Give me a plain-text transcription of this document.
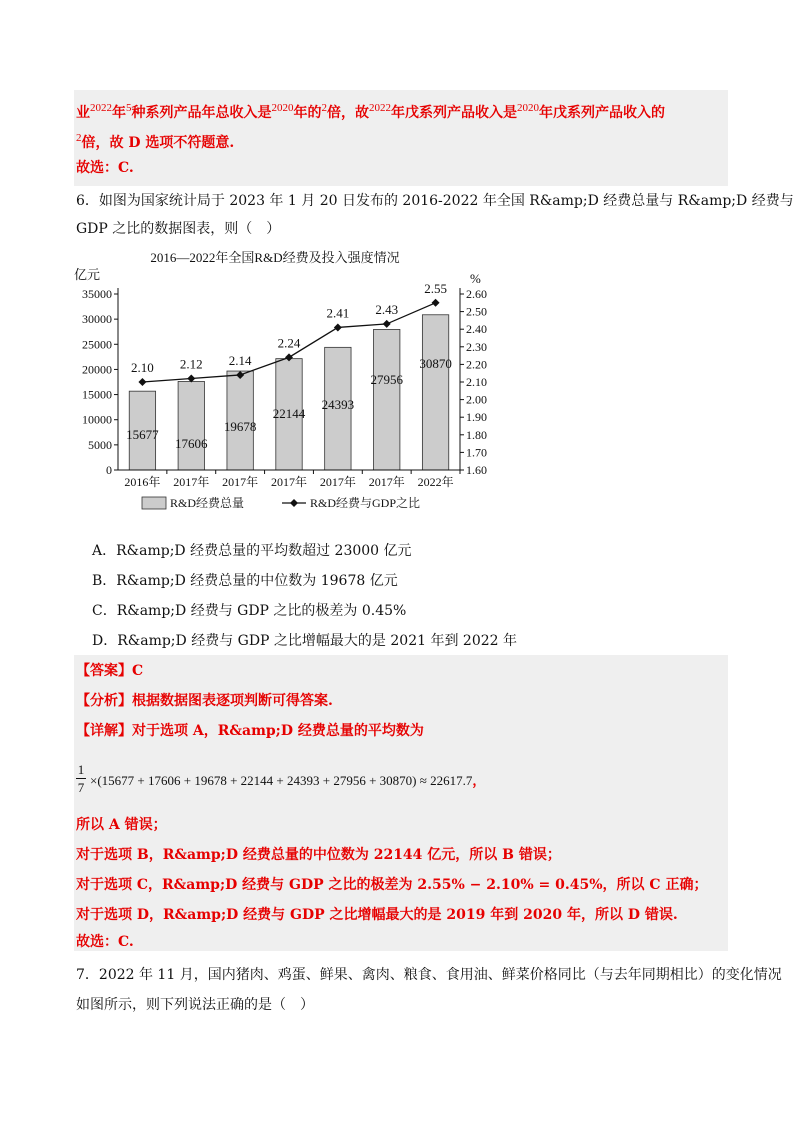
业$^{2022}$年$^5$种系列产品年总收入是$^{2020}$年的$^2$倍，故$^{2022}$年戊系列产品收入是$^{2020}$年戊系列产品收入的
$^2$倍，故 D 选项不符题意.
故选：C.
6．如图为国家统计局于 2023 年 1 月 20 日发布的 2016-2022 年全国 R&amp;D 经费总量与 R&amp;D 经费与
GDP 之比的数据图表，则（　）
2016—2022年全国R&D经费及投入强度情况
亿元	%
0
5000
10000
15000
20000
25000
30000
35000
1.60
1.70
1.80
1.90
2.00
2.10
2.20
2.30
2.40
2.50
2.60
15677
17606
19678
22144
24393
27956
30870
2.10 2.12 2.14
2.24
2.41 2.43
2.55
2016年 2017年 2017年 2017年 2017年 2017年 2022年
R&D经费总量	R&D经费与GDP之比
A．R&amp;D 经费总量的平均数超过 23000 亿元
B．R&amp;D 经费总量的中位数为 19678 亿元
C．R&amp;D 经费与 GDP 之比的极差为 0.45%
D．R&amp;D 经费与 GDP 之比增幅最大的是 2021 年到 2022 年
【答案】C
【分析】根据数据图表逐项判断可得答案.
【详解】对于选项 A，R&amp;D 经费总量的平均数为
1
7 ×(15677 + 17606 + 19678 + 22144 + 24393 + 27956 + 30870) ≈ 22617.7，
所以 A 错误；
对于选项 B，R&amp;D 经费总量的中位数为 22144 亿元，所以 B 错误；
对于选项 C，R&amp;D 经费与 GDP 之比的极差为 2.55% − 2.10% = 0.45%，所以 C 正确；
对于选项 D，R&amp;D 经费与 GDP 之比增幅最大的是 2019 年到 2020 年，所以 D 错误.
故选：C.
7．2022 年 11 月，国内猪肉、鸡蛋、鲜果、禽肉、粮食、食用油、鲜菜价格同比（与去年同期相比）的变化情况
如图所示，则下列说法正确的是（　）
